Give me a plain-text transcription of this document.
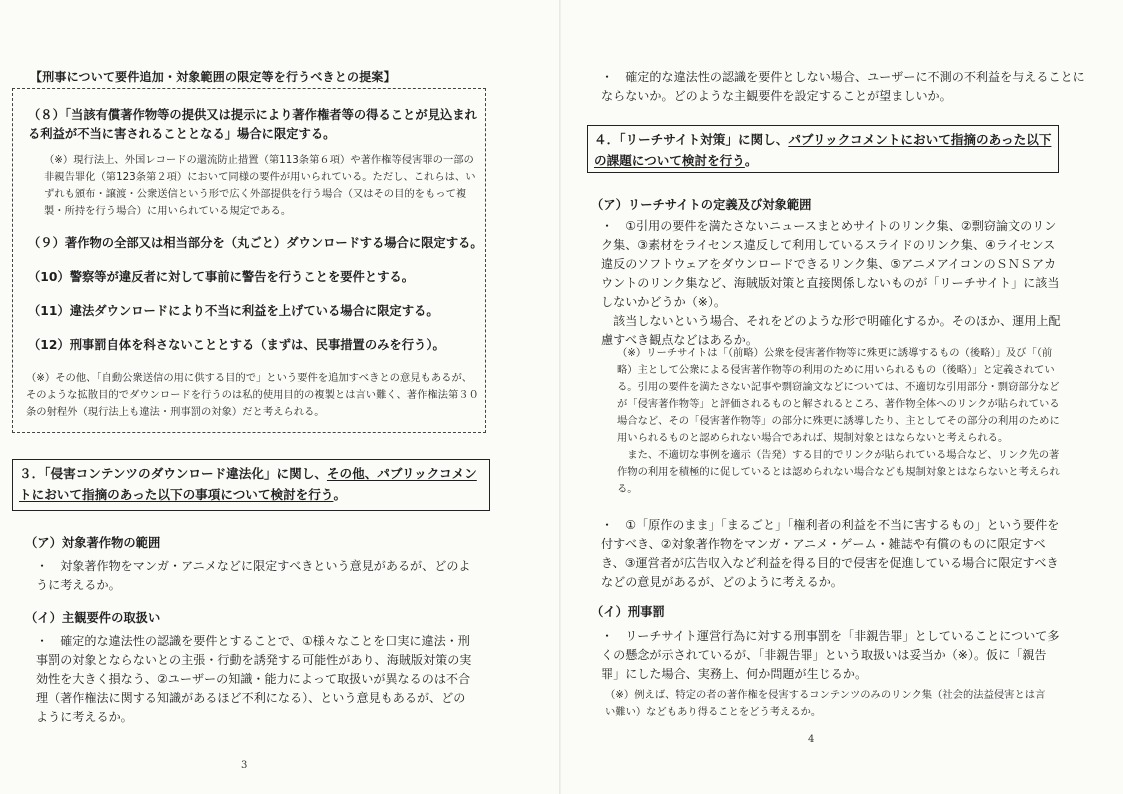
【刑事について要件追加・対象範囲の限定等を行うべきとの提案】
（８）「当該有償著作物等の提供又は提示により著作権者等の得ることが見込まれる利益が不当に害されることとなる」場合に限定する。
（※）現行法上、外国レコードの還流防止措置（第113条第６項）や著作権等侵害罪の一部の非親告罪化（第123条第２項）において同様の要件が用いられている。ただし、これらは、いずれも頒布・譲渡・公衆送信という形で広く外部提供を行う場合（又はその目的をもって複製・所持を行う場合）に用いられている規定である。
（９）著作物の全部又は相当部分を（丸ごと）ダウンロードする場合に限定する。
（10）警察等が違反者に対して事前に警告を行うことを要件とする。
（11）違法ダウンロードにより不当に利益を上げている場合に限定する。
（12）刑事罰自体を科さないこととする（まずは、民事措置のみを行う）。
（※）その他、「自動公衆送信の用に供する目的で」という要件を追加すべきとの意見もあるが、そのような拡散目的でダウンロードを行うのは私的使用目的の複製とは言い難く、著作権法第３０条の射程外（現行法上も違法・刑事罰の対象）だと考えられる。
３．「侵害コンテンツのダウンロード違法化」に関し、その他、パブリックコメントにおいて指摘のあった以下の事項について検討を行う。
（ア）対象著作物の範囲
・　対象著作物をマンガ・アニメなどに限定すべきという意見があるが、どのように考えるか。
（イ）主観要件の取扱い
・　確定的な違法性の認識を要件とすることで、①様々なことを口実に違法・刑事罰の対象とならないとの主張・行動を誘発する可能性があり、海賊版対策の実効性を大きく損なう、②ユーザーの知識・能力によって取扱いが異なるのは不合理（著作権法に関する知識があるほど不利になる）、という意見もあるが、どのように考えるか。
3
・　確定的な違法性の認識を要件としない場合、ユーザーに不測の不利益を与えることにならないか。どのような主観要件を設定することが望ましいか。
４．「リーチサイト対策」に関し、パブリックコメントにおいて指摘のあった以下の課題について検討を行う。
（ア）リーチサイトの定義及び対象範囲
・　①引用の要件を満たさないニュースまとめサイトのリンク集、②剽窃論文のリンク集、③素材をライセンス違反して利用しているスライドのリンク集、④ライセンス違反のソフトウェアをダウンロードできるリンク集、⑤アニメアイコンのＳＮＳアカウントのリンク集など、海賊版対策と直接関係しないものが「リーチサイト」に該当しないかどうか（※）。
　該当しないという場合、それをどのような形で明確化するか。そのほか、運用上配慮すべき観点などはあるか。
（※）リーチサイトは「（前略）公衆を侵害著作物等に殊更に誘導するもの（後略）」及び「（前略）主として公衆による侵害著作物等の利用のために用いられるもの（後略）」と定義されている。引用の要件を満たさない記事や剽窃論文などについては、不適切な引用部分・剽窃部分などが「侵害著作物等」と評価されるものと解されるところ、著作物全体へのリンクが貼られている場合など、その「侵害著作物等」の部分に殊更に誘導したり、主としてその部分の利用のために用いられるものと認められない場合であれば、規制対象とはならないと考えられる。
　また、不適切な事例を適示（告発）する目的でリンクが貼られている場合など、リンク先の著作物の利用を積極的に促しているとは認められない場合なども規制対象とはならないと考えられる。
・　①「原作のまま」「まるごと」「権利者の利益を不当に害するもの」という要件を付すべき、②対象著作物をマンガ・アニメ・ゲーム・雑誌や有償のものに限定すべき、③運営者が広告収入など利益を得る目的で侵害を促進している場合に限定すべきなどの意見があるが、どのように考えるか。
（イ）刑事罰
・　リーチサイト運営行為に対する刑事罰を「非親告罪」としていることについて多くの懸念が示されているが、「非親告罪」という取扱いは妥当か（※）。仮に「親告罪」にした場合、実務上、何か問題が生じるか。
（※）例えば、特定の者の著作権を侵害するコンテンツのみのリンク集（社会的法益侵害とは言い難い）などもあり得ることをどう考えるか。
4
